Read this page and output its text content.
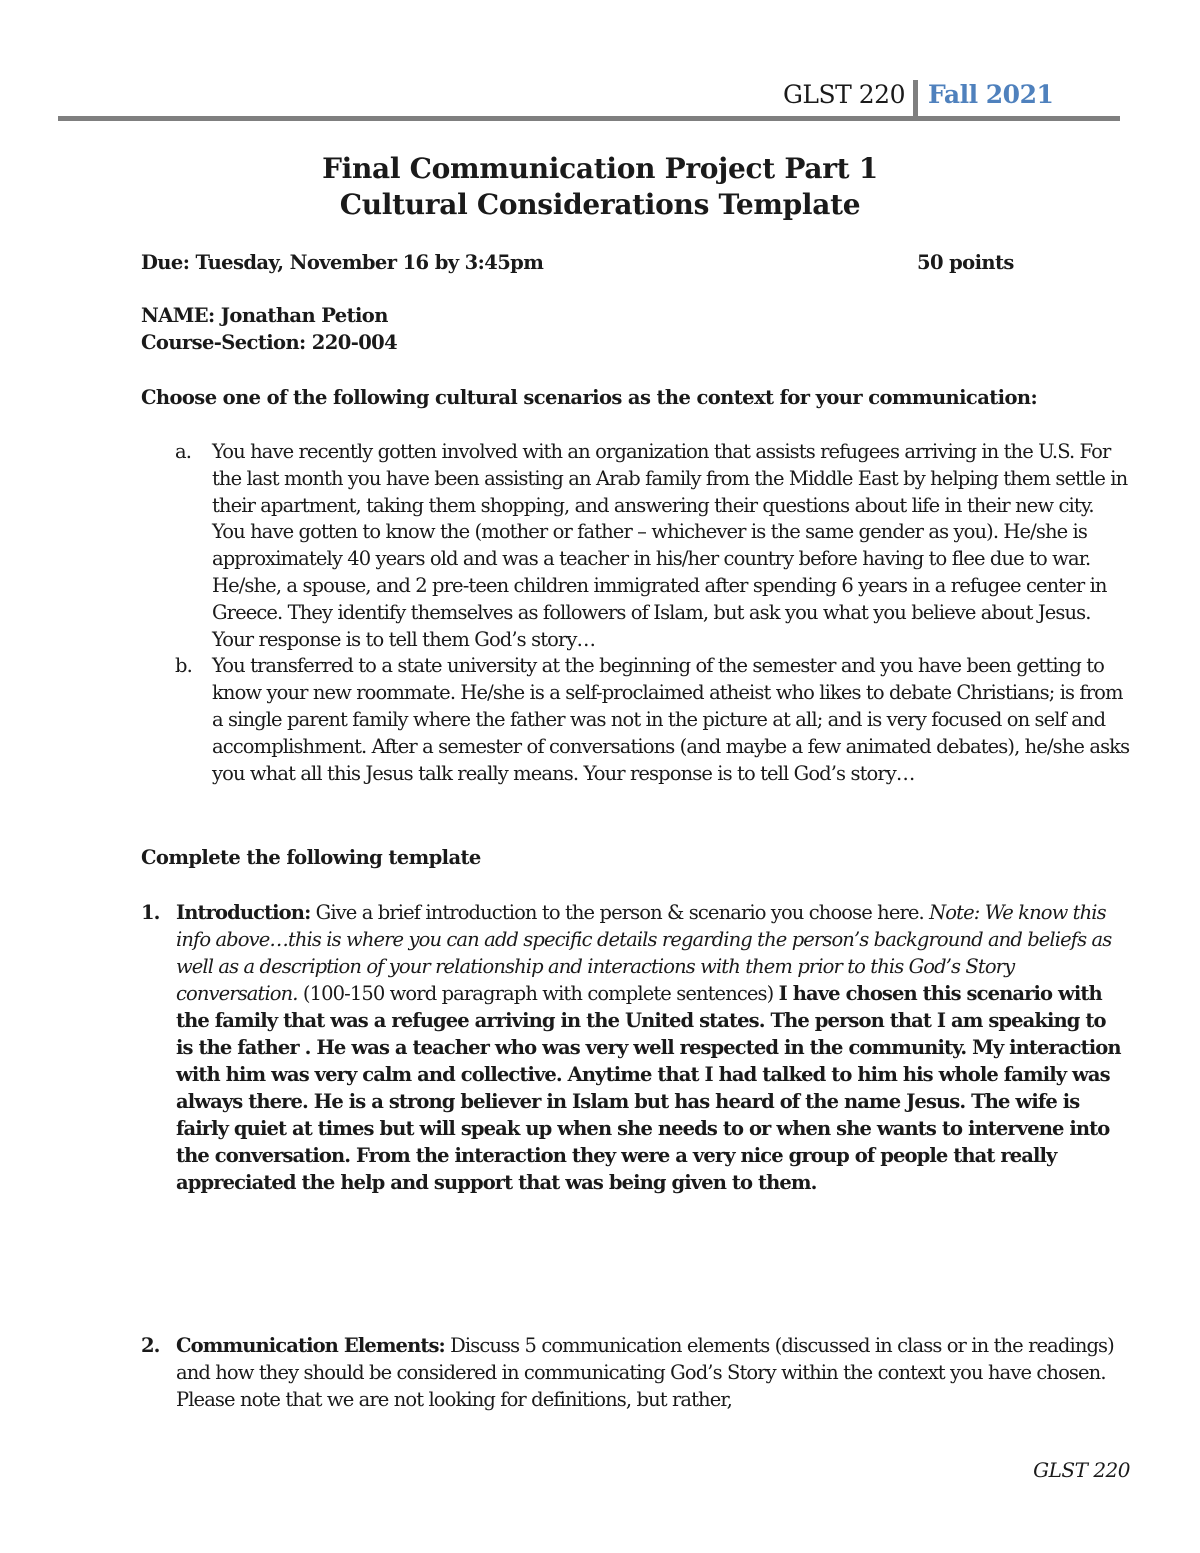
GLST 220 Fall 2021
Final Communication Project Part 1
Cultural Considerations Template
Due: Tuesday, November 16 by 3:45pm	50 points
NAME: Jonathan Petion
Course-Section: 220-004
Choose one of the following cultural scenarios as the context for your communication:
a. You have recently gotten involved with an organization that assists refugees arriving in the U.S. For the last month you have been assisting an Arab family from the Middle East by helping them settle in their apartment, taking them shopping, and answering their questions about life in their new city. You have gotten to know the (mother or father – whichever is the same gender as you). He/she is approximately 40 years old and was a teacher in his/her country before having to flee due to war. He/she, a spouse, and 2 pre-teen children immigrated after spending 6 years in a refugee center in Greece. They identify themselves as followers of Islam, but ask you what you believe about Jesus. Your response is to tell them God’s story…
b. You transferred to a state university at the beginning of the semester and you have been getting to know your new roommate. He/she is a self-proclaimed atheist who likes to debate Christians; is from a single parent family where the father was not in the picture at all; and is very focused on self and accomplishment. After a semester of conversations (and maybe a few animated debates), he/she asks you what all this Jesus talk really means. Your response is to tell God’s story…
Complete the following template
1. Introduction: Give a brief introduction to the person & scenario you choose here. Note: We know this info above…this is where you can add specific details regarding the person’s background and beliefs as well as a description of your relationship and interactions with them prior to this God’s Story conversation. (100-150 word paragraph with complete sentences) I have chosen this scenario with the family that was a refugee arriving in the United states. The person that I am speaking to is the father . He was a teacher who was very well respected in the community. My interaction with him was very calm and collective. Anytime that I had talked to him his whole family was always there. He is a strong believer in Islam but has heard of the name Jesus. The wife is fairly quiet at times but will speak up when she needs to or when she wants to intervene into the conversation. From the interaction they were a very nice group of people that really appreciated the help and support that was being given to them.
2. Communication Elements: Discuss 5 communication elements (discussed in class or in the readings) and how they should be considered in communicating God’s Story within the context you have chosen. Please note that we are not looking for definitions, but rather,
GLST 220
